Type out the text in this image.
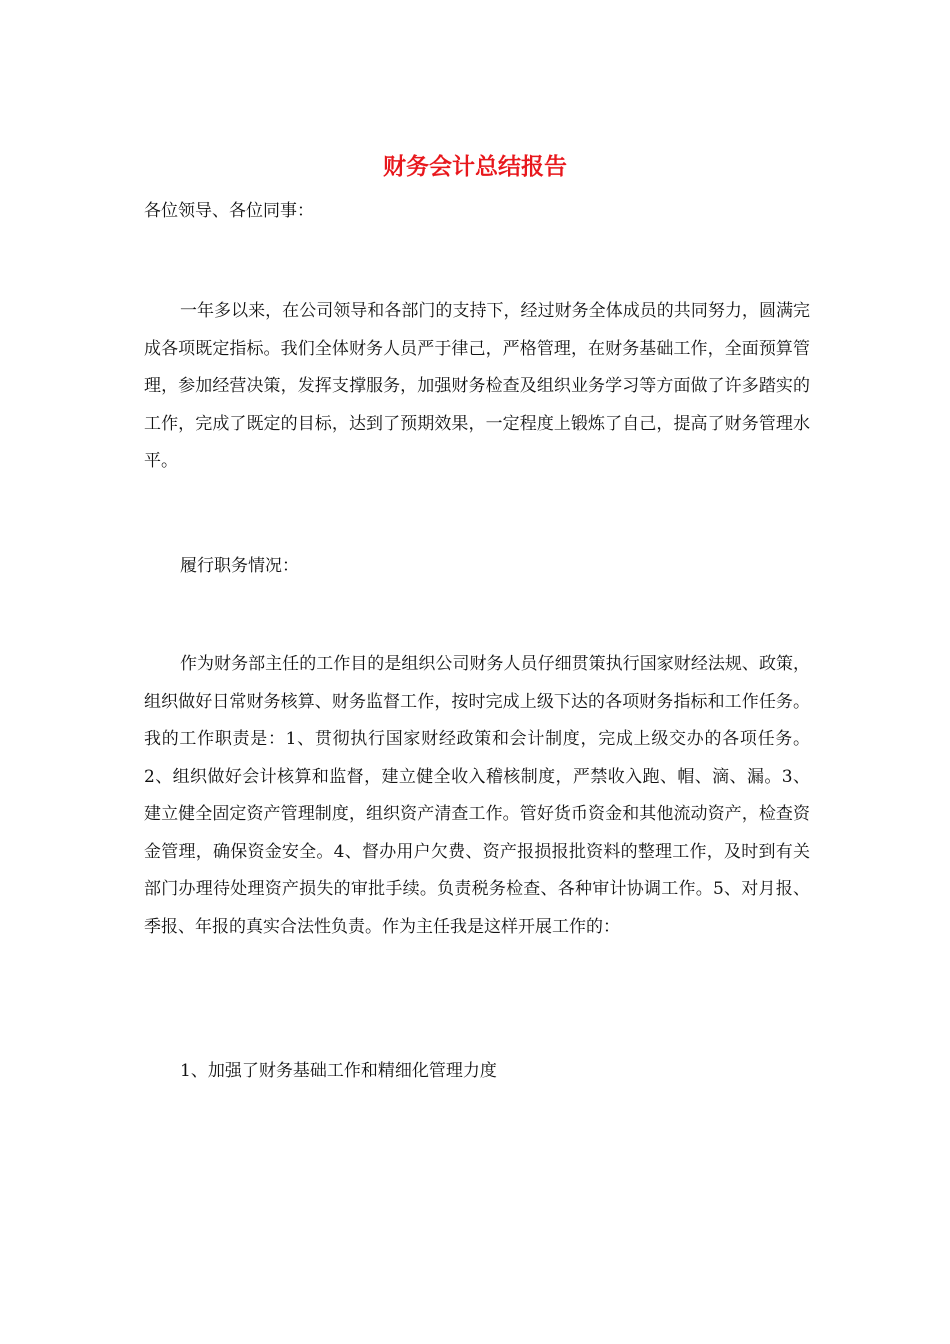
财务会计总结报告

各位领导、各位同事：

一年多以来，在公司领导和各部门的支持下，经过财务全体成员的共同努力，圆满完成各项既定指标。我们全体财务人员严于律己，严格管理，在财务基础工作，全面预算管理，参加经营决策，发挥支撑服务，加强财务检查及组织业务学习等方面做了许多踏实的工作，完成了既定的目标，达到了预期效果，一定程度上锻炼了自己，提高了财务管理水平。

履行职务情况：

作为财务部主任的工作目的是组织公司财务人员仔细贯策执行国家财经法规、政策，组织做好日常财务核算、财务监督工作，按时完成上级下达的各项财务指标和工作任务。我的工作职责是：1、贯彻执行国家财经政策和会计制度，完成上级交办的各项任务。2、组织做好会计核算和监督，建立健全收入稽核制度，严禁收入跑、帽、滴、漏。3、建立健全固定资产管理制度，组织资产清查工作。管好货币资金和其他流动资产，检查资金管理，确保资金安全。4、督办用户欠费、资产报损报批资料的整理工作，及时到有关部门办理待处理资产损失的审批手续。负责税务检查、各种审计协调工作。5、对月报、季报、年报的真实合法性负责。作为主任我是这样开展工作的：

1、加强了财务基础工作和精细化管理力度
